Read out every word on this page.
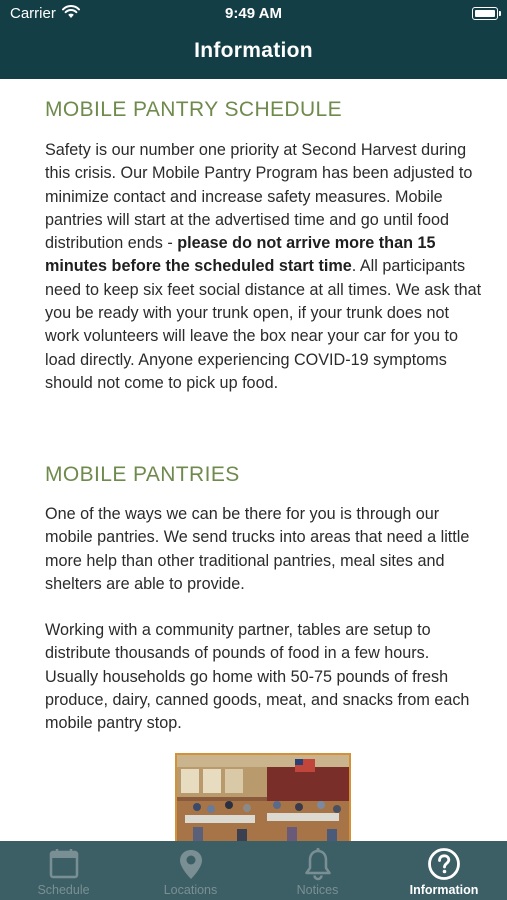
Carrier	9:49 AM
Information
MOBILE PANTRY SCHEDULE

Safety is our number one priority at Second Harvest during this crisis. Our Mobile Pantry Program has been adjusted to minimize contact and increase safety measures. Mobile pantries will start at the advertised time and go until food distribution ends - please do not arrive more than 15 minutes before the scheduled start time. All participants need to keep six feet social distance at all times. We ask that you be ready with your trunk open, if your trunk does not work volunteers will leave the box near your car for you to load directly. Anyone experiencing COVID-19 symptoms should not come to pick up food.

MOBILE PANTRIES

One of the ways we can be there for you is through our mobile pantries. We send trucks into areas that need a little more help than other traditional pantries, meal sites and shelters are able to provide.

Working with a community partner, tables are setup to distribute thousands of pounds of food in a few hours. Usually households go home with 50-75 pounds of fresh produce, dairy, canned goods, meat, and snacks from each mobile pantry stop.

Schedule	Locations	Notices	Information
